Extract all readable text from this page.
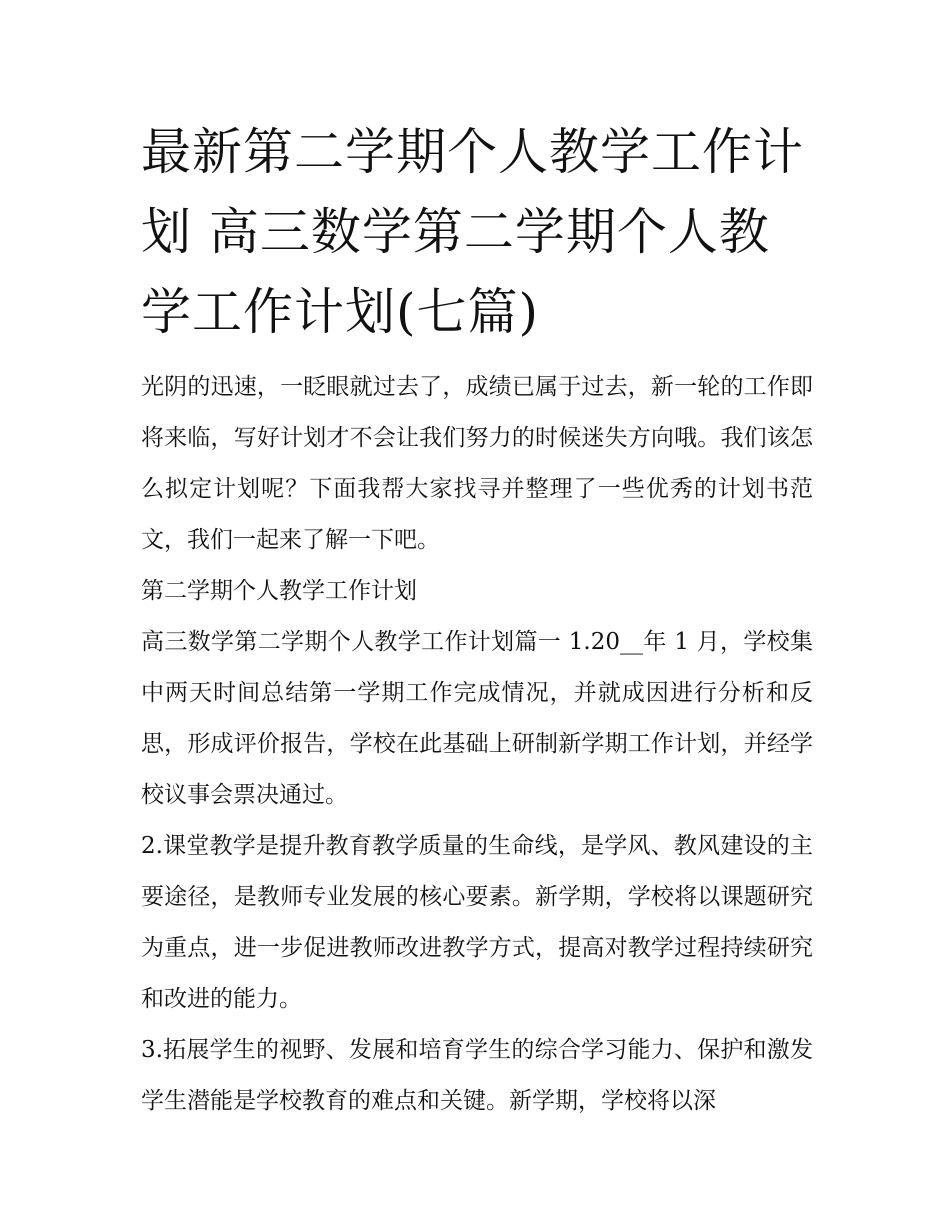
最新第二学期个人教学工作计划 高三数学第二学期个人教学工作计划(七篇)

光阴的迅速，一眨眼就过去了，成绩已属于过去，新一轮的工作即将来临，写好计划才不会让我们努力的时候迷失方向哦。我们该怎么拟定计划呢？下面我帮大家找寻并整理了一些优秀的计划书范文，我们一起来了解一下吧。

第二学期个人教学工作计划

高三数学第二学期个人教学工作计划篇一 1.20__年 1 月，学校集中两天时间总结第一学期工作完成情况，并就成因进行分析和反思，形成评价报告，学校在此基础上研制新学期工作计划，并经学校议事会票决通过。

2.课堂教学是提升教育教学质量的生命线，是学风、教风建设的主要途径，是教师专业发展的核心要素。新学期，学校将以课题研究为重点，进一步促进教师改进教学方式，提高对教学过程持续研究和改进的能力。

3.拓展学生的视野、发展和培育学生的综合学习能力、保护和激发学生潜能是学校教育的难点和关键。新学期，学校将以深
